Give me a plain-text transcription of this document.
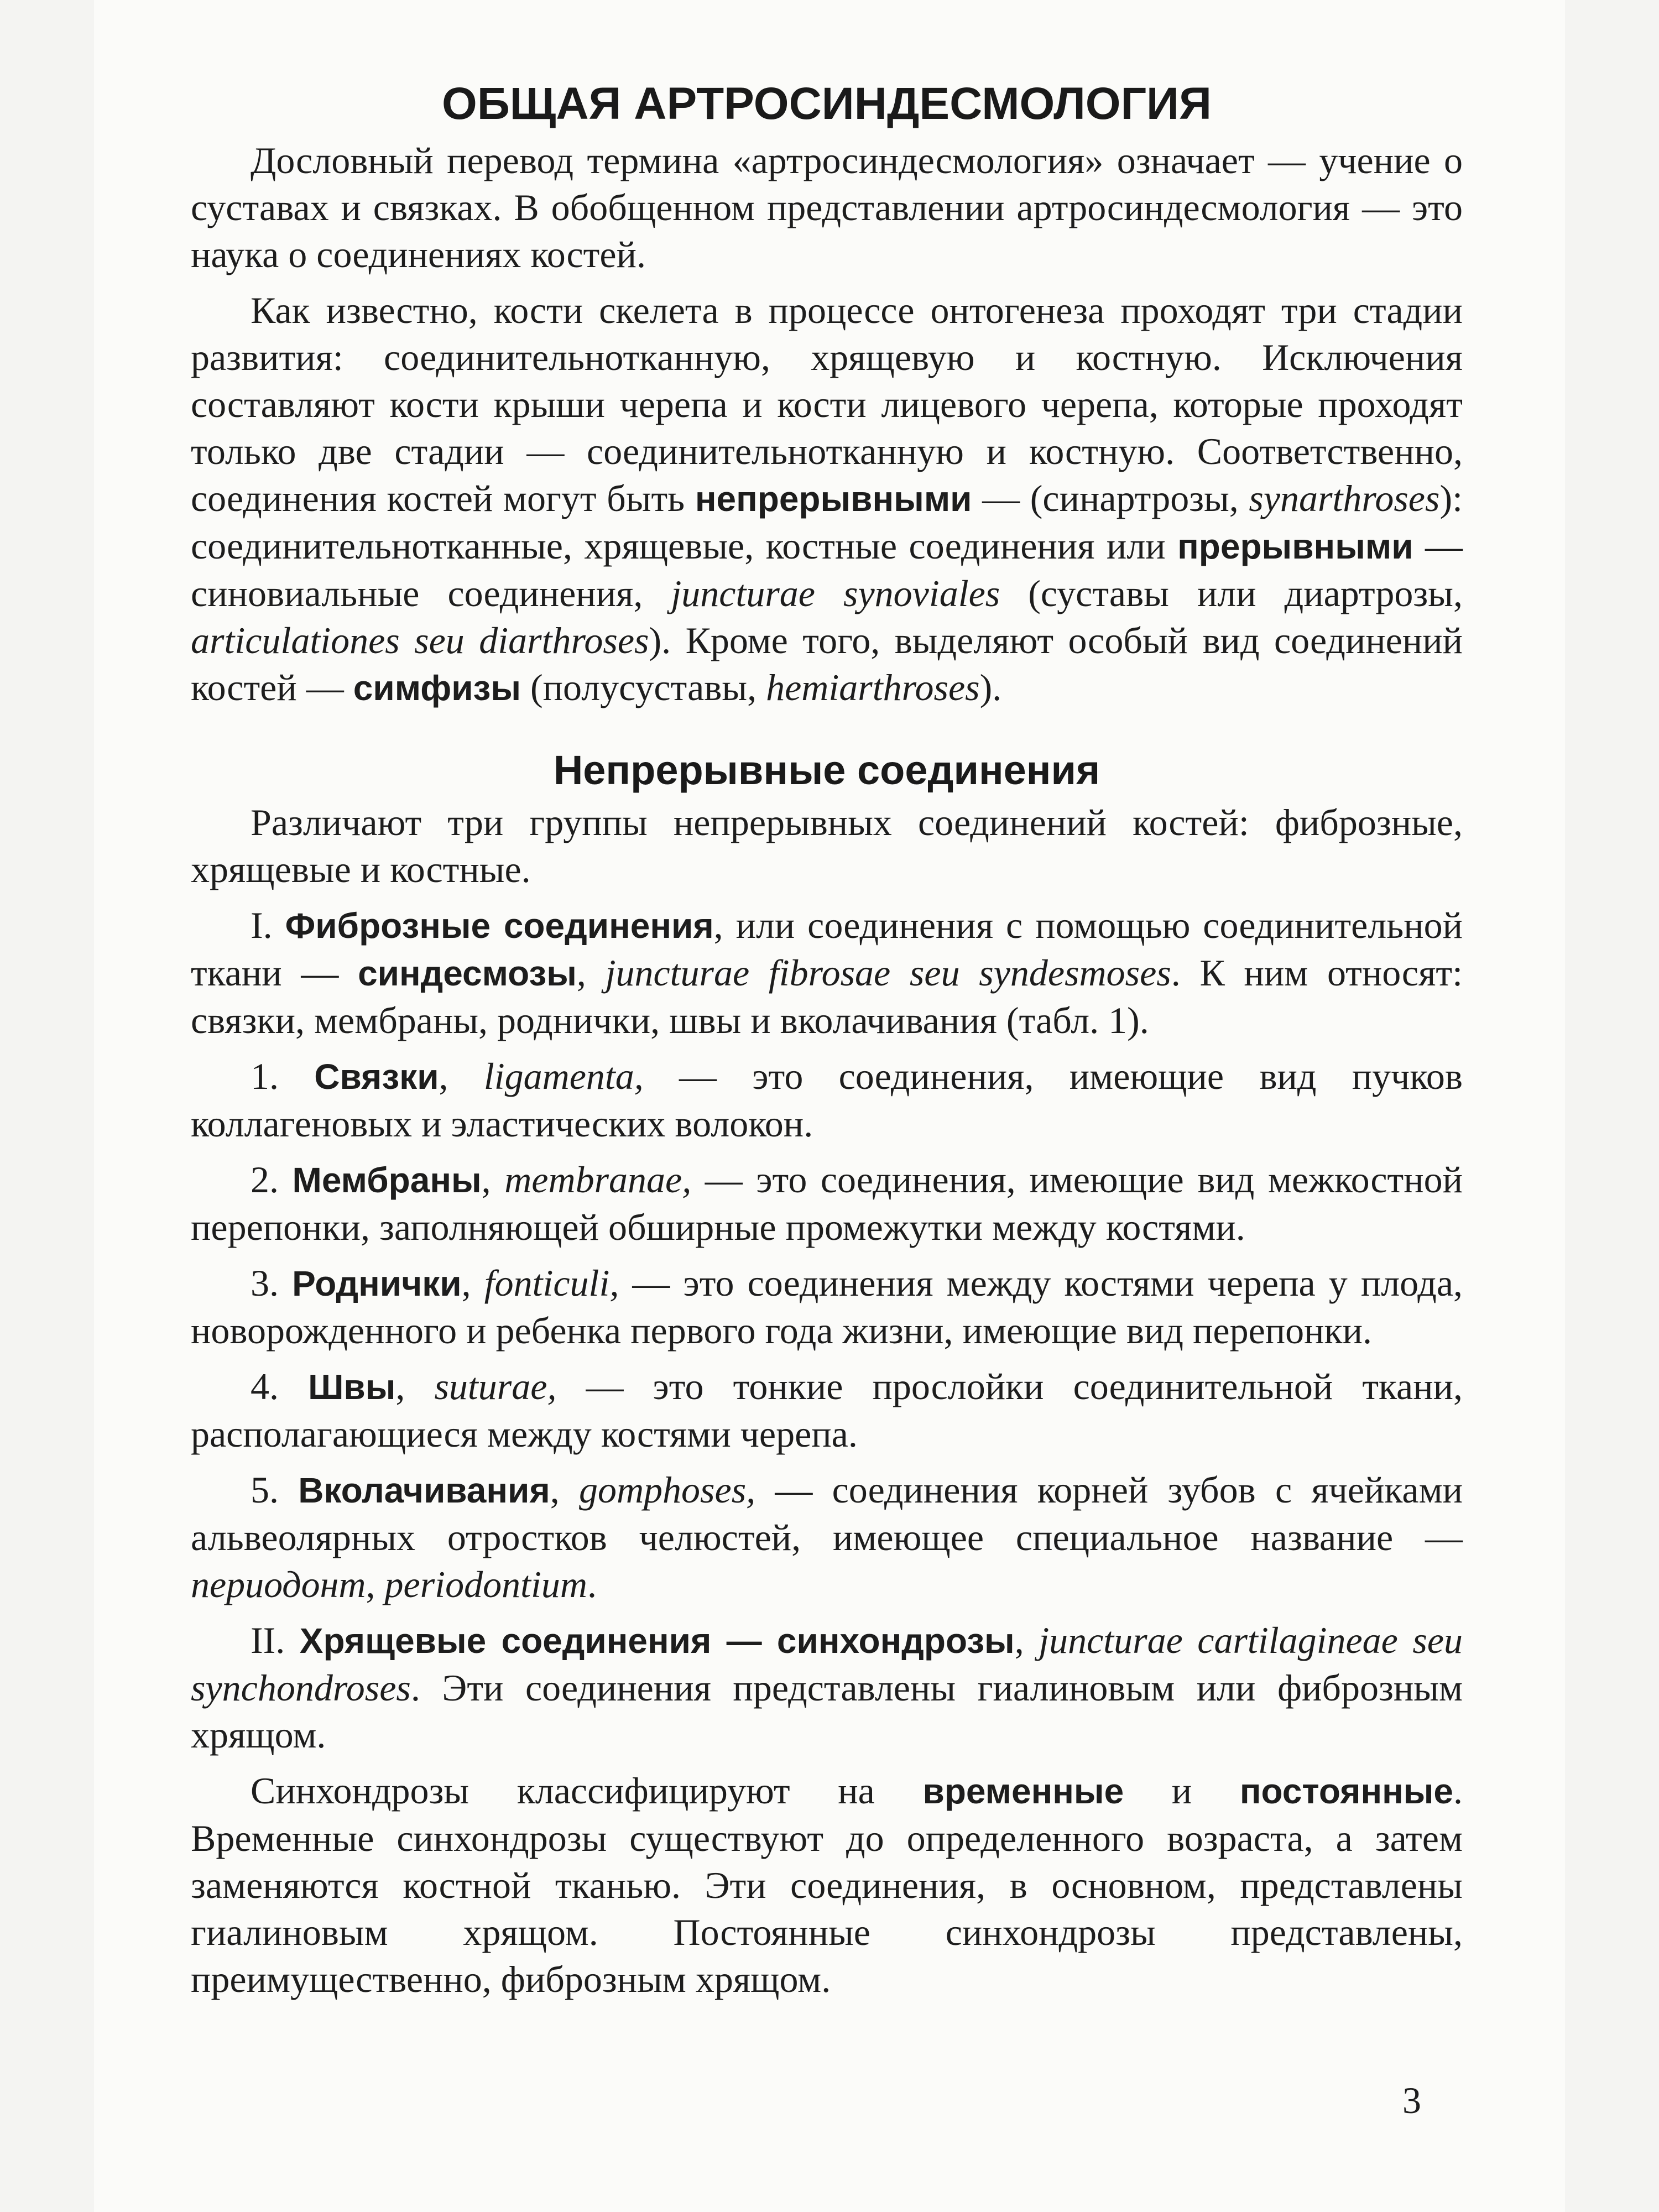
ОБЩАЯ АРТРОСИНДЕСМОЛОГИЯ

Дословный перевод термина «артросиндесмология» означает — учение о суставах и связках. В обобщенном представлении артросиндесмология — это наука о соединениях костей.

Как известно, кости скелета в процессе онтогенеза проходят три стадии развития: соединительнотканную, хрящевую и костную. Исключения составляют кости крыши черепа и кости лицевого черепа, которые проходят только две стадии — соединительнотканную и костную. Соответственно, соединения костей могут быть непрерывными — (синартрозы, synarthroses): соединительнотканные, хрящевые, костные соединения или прерывными — синовиальные соединения, juncturae synoviales (суставы или диартрозы, articulationes seu diarthroses). Кроме того, выделяют особый вид соединений костей — симфизы (полусуставы, hemiarthroses).

Непрерывные соединения

Различают три группы непрерывных соединений костей: фиброзные, хрящевые и костные.

I. Фиброзные соединения, или соединения с помощью соединительной ткани — синдесмозы, juncturae fibrosae seu syndesmoses. К ним относят: связки, мембраны, роднички, швы и вколачивания (табл. 1).

1. Связки, ligamenta, — это соединения, имеющие вид пучков коллагеновых и эластических волокон.

2. Мембраны, membranae, — это соединения, имеющие вид межкостной перепонки, заполняющей обширные промежутки между костями.

3. Роднички, fonticuli, — это соединения между костями черепа у плода, новорожденного и ребенка первого года жизни, имеющие вид перепонки.

4. Швы, suturae, — это тонкие прослойки соединительной ткани, располагающиеся между костями черепа.

5. Вколачивания, gomphoses, — соединения корней зубов с ячейками альвеолярных отростков челюстей, имеющее специальное название — периодонт, periodontium.

II. Хрящевые соединения — синхондрозы, juncturae cartilagineae seu synchondroses. Эти соединения представлены гиалиновым или фиброзным хрящом.

Синхондрозы классифицируют на временные и постоянные. Временные синхондрозы существуют до определенного возраста, а затем заменяются костной тканью. Эти соединения, в основном, представлены гиалиновым хрящом. Постоянные синхондрозы представлены, преимущественно, фиброзным хрящом.

3
